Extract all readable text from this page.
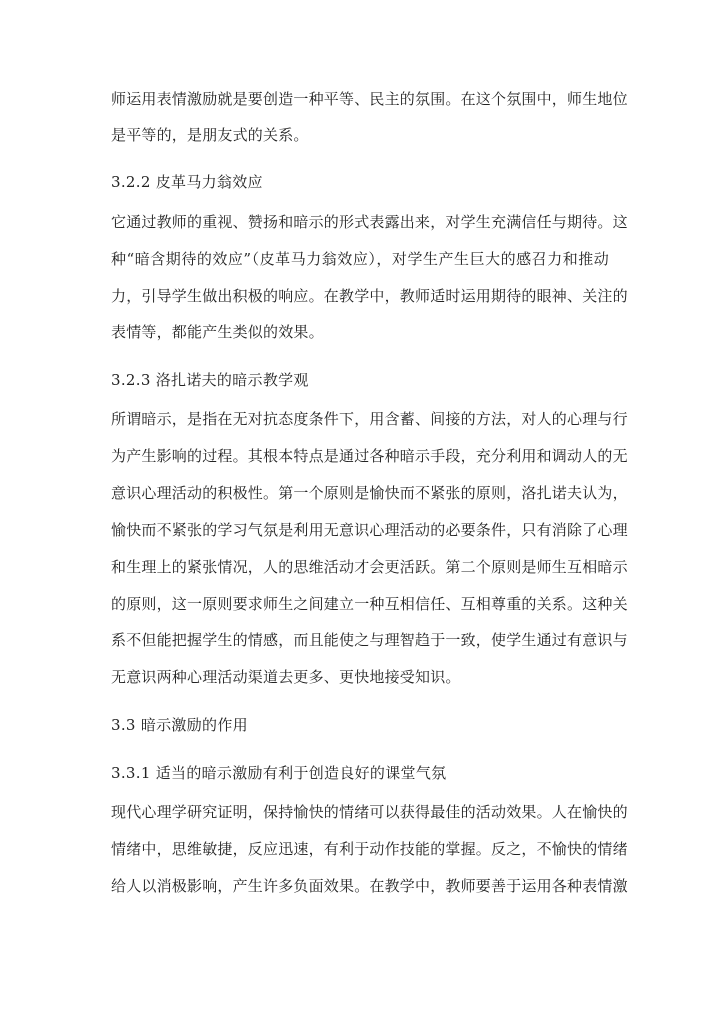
师运用表情激励就是要创造一种平等、民主的氛围。在这个氛围中，师生地位
是平等的，是朋友式的关系。
3.2.2 皮革马力翁效应
它通过教师的重视、赞扬和暗示的形式表露出来，对学生充满信任与期待。这
种“暗含期待的效应”（皮革马力翁效应），对学生产生巨大的感召力和推动
力，引导学生做出积极的响应。在教学中，教师适时运用期待的眼神、关注的
表情等，都能产生类似的效果。
3.2.3 洛扎诺夫的暗示教学观
所谓暗示，是指在无对抗态度条件下，用含蓄、间接的方法，对人的心理与行
为产生影响的过程。其根本特点是通过各种暗示手段，充分利用和调动人的无
意识心理活动的积极性。第一个原则是愉快而不紧张的原则，洛扎诺夫认为，
愉快而不紧张的学习气氛是利用无意识心理活动的必要条件，只有消除了心理
和生理上的紧张情况，人的思维活动才会更活跃。第二个原则是师生互相暗示
的原则，这一原则要求师生之间建立一种互相信任、互相尊重的关系。这种关
系不但能把握学生的情感，而且能使之与理智趋于一致，使学生通过有意识与
无意识两种心理活动渠道去更多、更快地接受知识。
3.3 暗示激励的作用
3.3.1 适当的暗示激励有利于创造良好的课堂气氛
现代心理学研究证明，保持愉快的情绪可以获得最佳的活动效果。人在愉快的
情绪中，思维敏捷，反应迅速，有利于动作技能的掌握。反之，不愉快的情绪
给人以消极影响，产生许多负面效果。在教学中，教师要善于运用各种表情激
